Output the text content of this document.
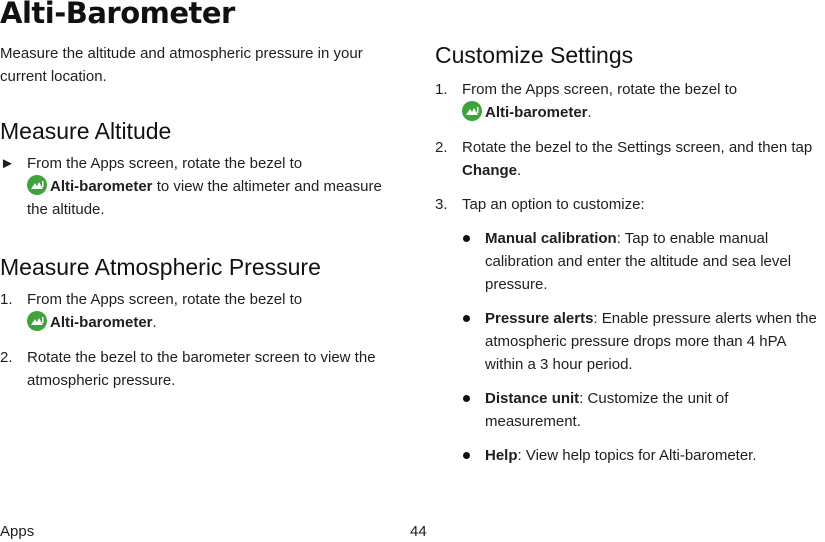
Alti-Barometer

Measure the altitude and atmospheric pressure in your current location.

Measure Altitude
► From the Apps screen, rotate the bezel to

Alti-barometer to view the altimeter and measure the altitude.
Measure Atmospheric Pressure
1. From the Apps screen, rotate the bezel to

Alti-barometer.
2. Rotate the bezel to the barometer screen to view the atmospheric pressure.

Apps

Customize Settings
1. From the Apps screen, rotate the bezel to

Alti-barometer.
2. Rotate the bezel to the Settings screen, and then tap Change.
3. Tap an option to customize:
Manual calibration: Tap to enable manual calibration and enter the altitude and sea level pressure.
Pressure alerts: Enable pressure alerts when the atmospheric pressure drops more than 4 hPA within a 3 hour period.
Distance unit: Customize the unit of measurement.
Help: View help topics for Alti-barometer.

44
